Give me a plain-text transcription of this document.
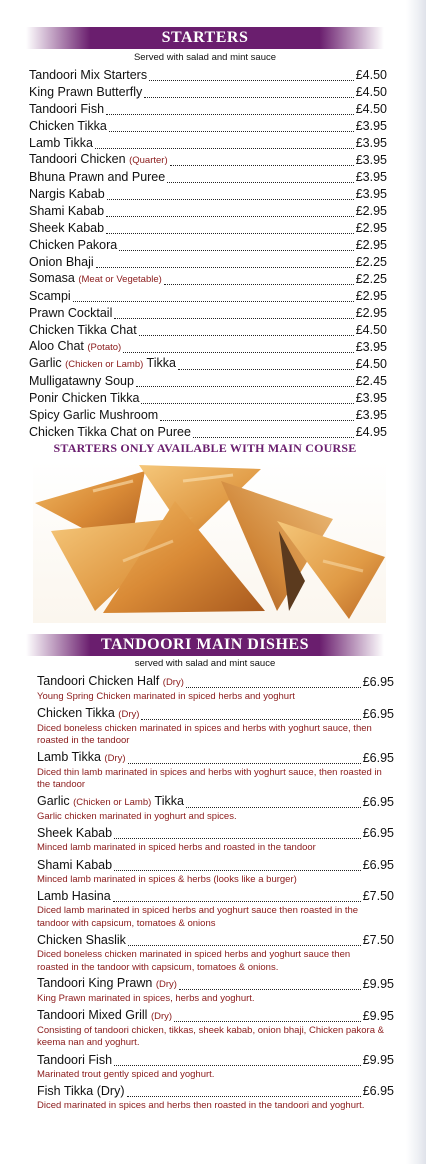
STARTERS
Served with salad and mint sauce
Tandoori Mix Starters	£4.50
King Prawn Butterfly	£4.50
Tandoori Fish	£4.50
Chicken Tikka	£3.95
Lamb Tikka	£3.95
Tandoori Chicken (Quarter)	£3.95
Bhuna Prawn and Puree	£3.95
Nargis Kabab	£3.95
Shami Kabab	£2.95
Sheek Kabab	£2.95
Chicken Pakora	£2.95
Onion Bhaji	£2.25
Somasa (Meat or Vegetable)	£2.25
Scampi	£2.95
Prawn Cocktail	£2.95
Chicken Tikka Chat	£4.50
Aloo Chat (Potato)	£3.95
Garlic (Chicken or Lamb) Tikka	£4.50
Mulligatawny Soup	£2.45
Ponir Chicken Tikka	£3.95
Spicy Garlic Mushroom	£3.95
Chicken Tikka Chat on Puree	£4.95
STARTERS ONLY AVAILABLE WITH MAIN COURSE
TANDOORI MAIN DISHES
served with salad and mint sauce
Tandoori Chicken Half (Dry)	£6.95
Young Spring Chicken marinated in spiced herbs and yoghurt
Chicken Tikka (Dry)	£6.95
Diced boneless chicken marinated in spices and herbs with yoghurt sauce, then roasted in the tandoor
Lamb Tikka (Dry)	£6.95
Diced thin lamb marinated in spices and herbs with yoghurt sauce, then roasted in the tandoor
Garlic (Chicken or Lamb) Tikka	£6.95
Garlic chicken marinated in yoghurt and spices.
Sheek Kabab	£6.95
Minced lamb marinated in spiced herbs and roasted in the tandoor
Shami Kabab	£6.95
Minced lamb marinated in spices & herbs (looks like a burger)
Lamb Hasina	£7.50
Diced lamb marinated in spiced herbs and yoghurt sauce then roasted in the tandoor with capsicum, tomatoes & onions
Chicken Shaslik	£7.50
Diced boneless chicken marinated in spiced herbs and yoghurt sauce then roasted in the tandoor with capsicum, tomatoes & onions.
Tandoori King Prawn (Dry)	£9.95
King Prawn marinated in spices, herbs and yoghurt.
Tandoori Mixed Grill (Dry)	£9.95
Consisting of tandoori chicken, tikkas, sheek kabab, onion bhaji, Chicken pakora & keema nan and yoghurt.
Tandoori Fish	£9.95
Marinated trout gently spiced and yoghurt.
Fish Tikka (Dry)	£6.95
Diced marinated in spices and herbs then roasted in the tandoori and yoghurt.
